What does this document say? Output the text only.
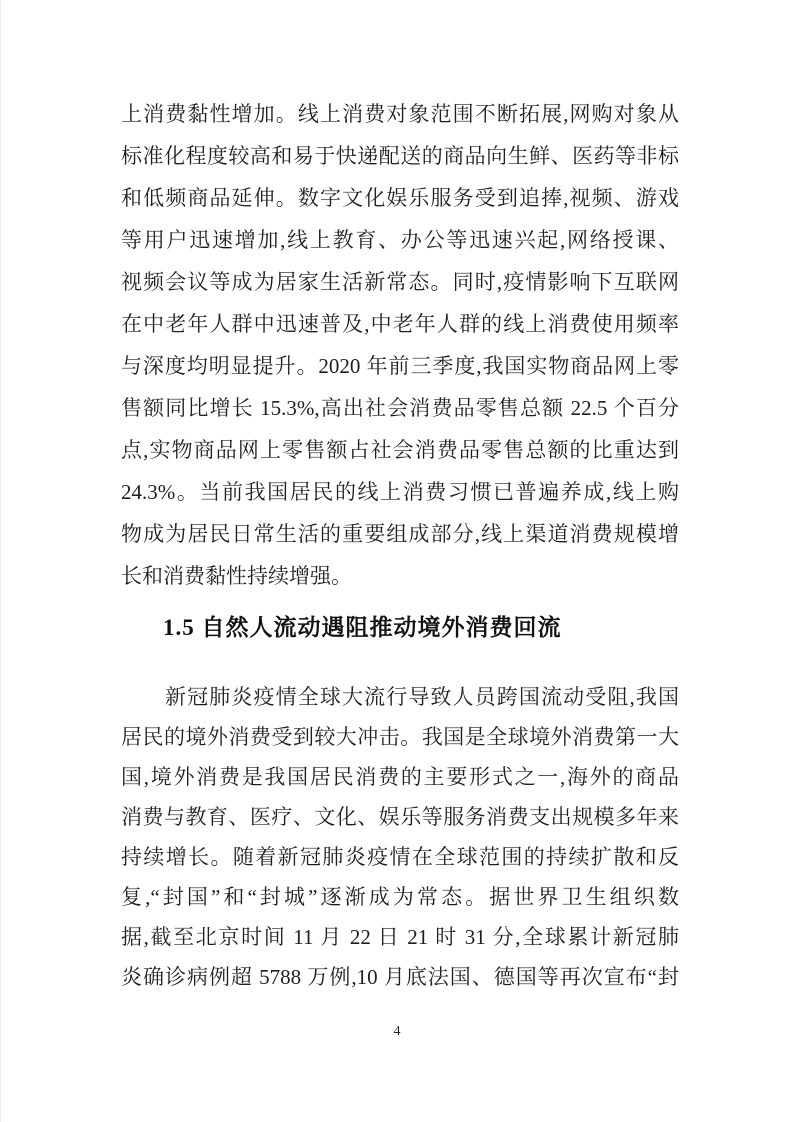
上消费黏性增加。线上消费对象范围不断拓展,网购对象从
标准化程度较高和易于快递配送的商品向生鲜、医药等非标
和低频商品延伸。数字文化娱乐服务受到追捧,视频、游戏
等用户迅速增加,线上教育、办公等迅速兴起,网络授课、
视频会议等成为居家生活新常态。同时,疫情影响下互联网
在中老年人群中迅速普及,中老年人群的线上消费使用频率
与深度均明显提升。2020 年前三季度,我国实物商品网上零
售额同比增长 15.3%,高出社会消费品零售总额 22.5 个百分
点,实物商品网上零售额占社会消费品零售总额的比重达到
24.3%。当前我国居民的线上消费习惯已普遍养成,线上购
物成为居民日常生活的重要组成部分,线上渠道消费规模增
长和消费黏性持续增强。
1.5 自然人流动遇阻推动境外消费回流
新冠肺炎疫情全球大流行导致人员跨国流动受阻,我国
居民的境外消费受到较大冲击。我国是全球境外消费第一大
国,境外消费是我国居民消费的主要形式之一,海外的商品
消费与教育、医疗、文化、娱乐等服务消费支出规模多年来
持续增长。随着新冠肺炎疫情在全球范围的持续扩散和反
复,“封国”和“封城”逐渐成为常态。据世界卫生组织数
据,截至北京时间 11 月 22 日 21 时 31 分,全球累计新冠肺
炎确诊病例超 5788 万例,10 月底法国、德国等再次宣布“封
4
